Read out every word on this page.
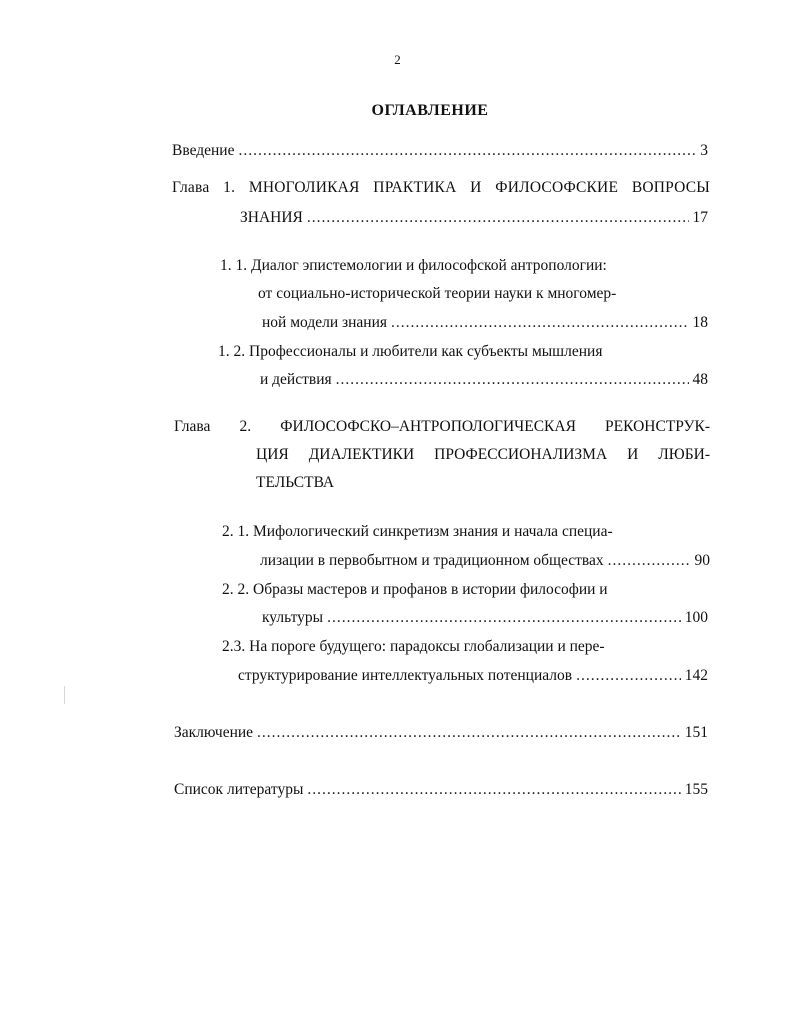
2
ОГЛАВЛЕНИЕ
Введение .....	3
Глава 1. МНОГОЛИКАЯ ПРАКТИКА И ФИЛОСОФСКИЕ ВОПРОСЫ
ЗНАНИЯ .....	17
1. 1. Диалог эпистемологии и философской антропологии:
от социально-исторической теории науки к многомер-
ной модели знания .....	18
1. 2. Профессионалы и любители как субъекты мышления
и действия .....	48
Глава 2. ФИЛОСОФСКО–АНТРОПОЛОГИЧЕСКАЯ РЕКОНСТРУК-
ЦИЯ ДИАЛЕКТИКИ ПРОФЕССИОНАЛИЗМА И ЛЮБИ-
ТЕЛЬСТВА
2. 1. Мифологический синкретизм знания и начала специа-
лизации в первобытном и традиционном обществах .....	90
2. 2. Образы мастеров и профанов в истории философии и
культуры .....	100
2.3. На пороге будущего: парадоксы глобализации и пере-
структурирование интеллектуальных потенциалов .....	142
Заключение .....	151
Список литературы .....	155
